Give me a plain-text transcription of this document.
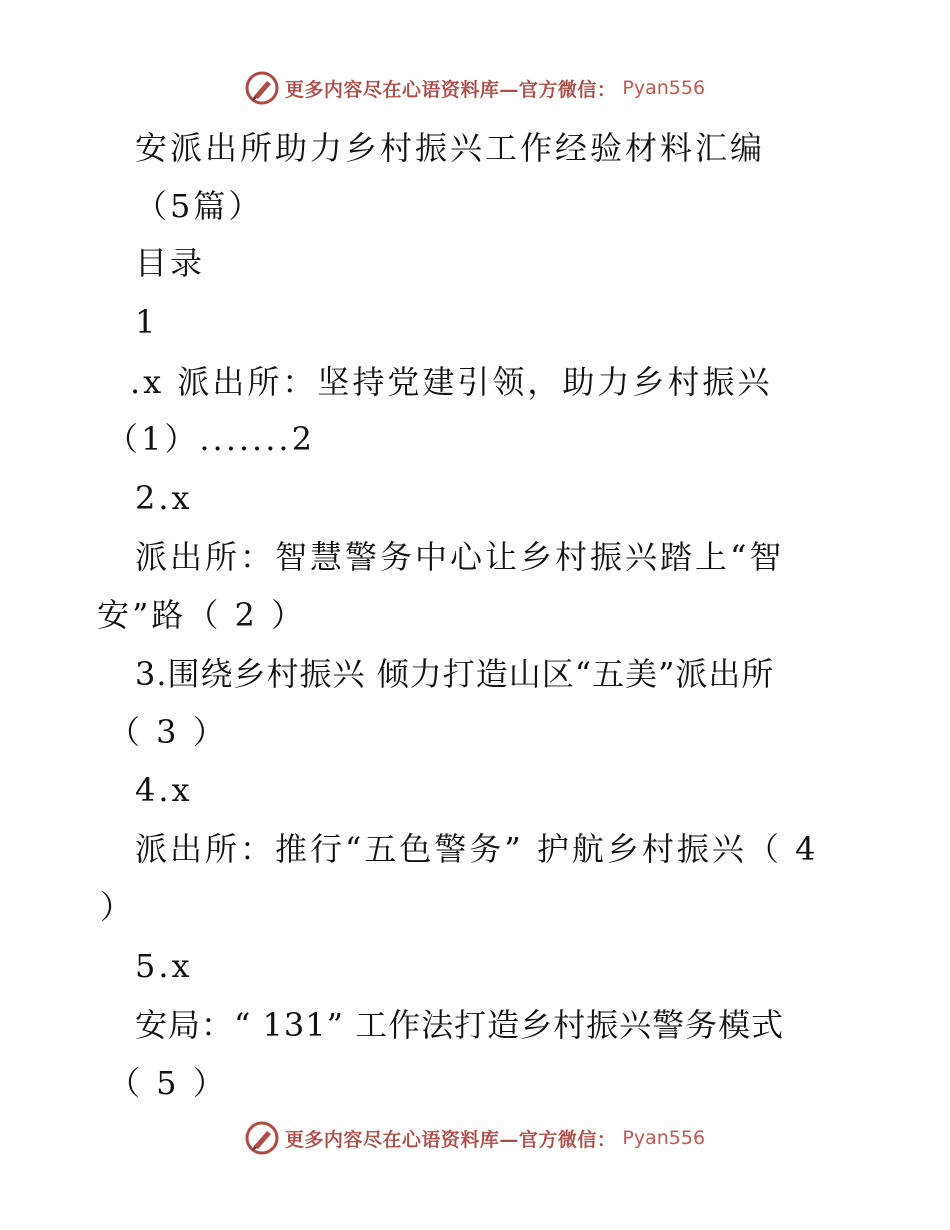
更多内容尽在心语资料库—官方微信： Pyan556
安派出所助力乡村振兴工作经验材料汇编
（5篇）
目录
1
.x 派出所：坚持党建引领，助力乡村振兴
（1）.......2
2.x
派出所：智慧警务中心让乡村振兴踏上“智
安”路（ 2 ）
3.围绕乡村振兴 倾力打造山区“五美”派出所
（ 3 ）
4.x
派出所：推行“五色警务” 护航乡村振兴（ 4
）
5.x
安局：“ 131” 工作法打造乡村振兴警务模式
（ 5 ）
更多内容尽在心语资料库—官方微信： Pyan556
